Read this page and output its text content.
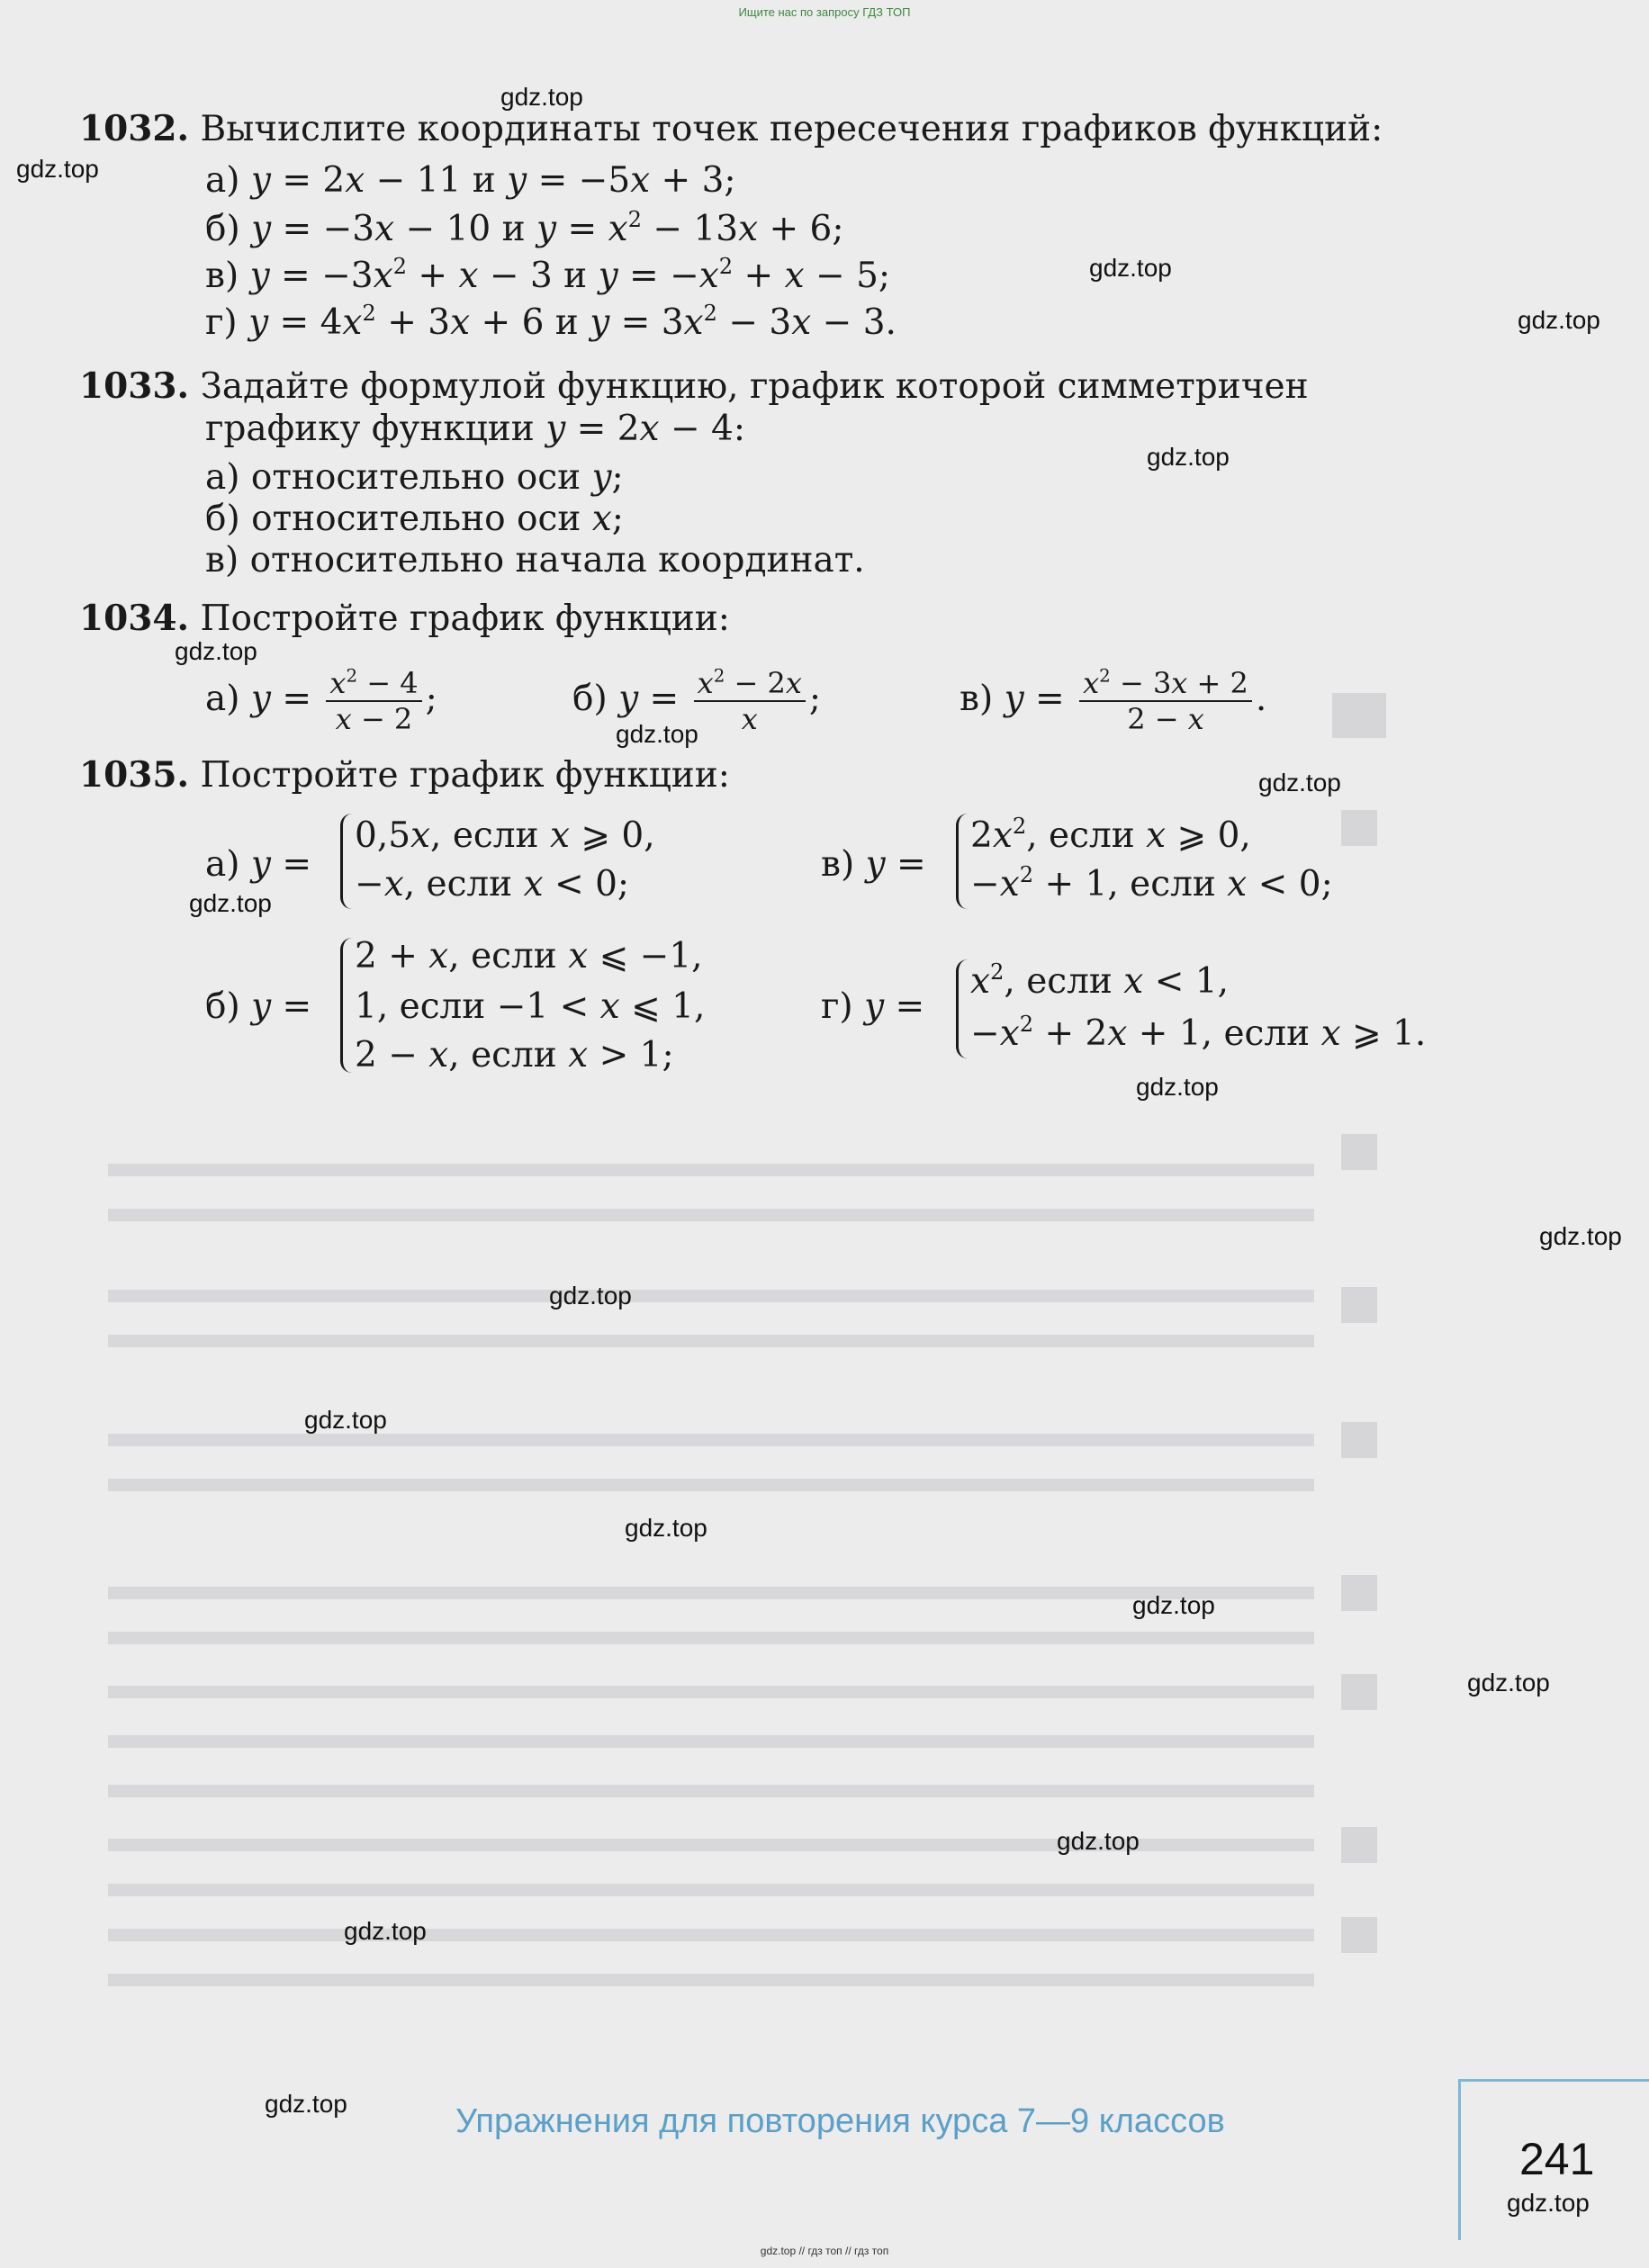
Ищите нас по запросу ГДЗ ТОП
1032. Вычислите координаты точек пересечения графиков функций:
а) y = 2x − 11 и y = −5x + 3;
б) y = −3x − 10 и $y = x^2 - 13x + 6$;
в) $y = -3x^2 + x - 3$ и $y = -x^2 + x - 5$;
г) $y = 4x^2 + 3x + 6$ и $y = 3x^2 - 3x - 3$.
1033. Задайте формулой функцию, график которой симметричен
графику функции y = 2x − 4:
а) относительно оси y;
б) относительно оси x;
в) относительно начала координат.
1034. Постройте график функции:
а) $y = \frac{x^2 - 4}{x - 2}$ ;	б) $y = \frac{x^2 - 2x}{x}$ ;	в) $y = \frac{x^2 - 3x + 2}{2 - x}$ .
1035. Постройте график функции:
а) y =
0,5x, если x ⩾ 0,
−x, если x < 0;	в) y =
$2x^2$, если x ⩾ 0,
$-x^2 + 1$, если x < 0;
б) y =
2 + x, если x ⩽ −1,
1, если −1 < x ⩽ 1,
2 − x, если x > 1;
г) y =
$x^2$, если x < 1,
$-x^2 + 2x + 1$, если x ⩾ 1.
gdz.top
gdz.top
gdz.top
gdz.top
gdz.top
gdz.top
gdz.top
gdz.top
gdz.top
gdz.top
gdz.top
gdz.top
gdz.top
gdz.top
gdz.top
gdz.top
gdz.top
gdz.top
gdz.top
gdz.top
Упражнения для повторения курса 7—9 классов
241
gdz.top // гдз топ // гдз топ
